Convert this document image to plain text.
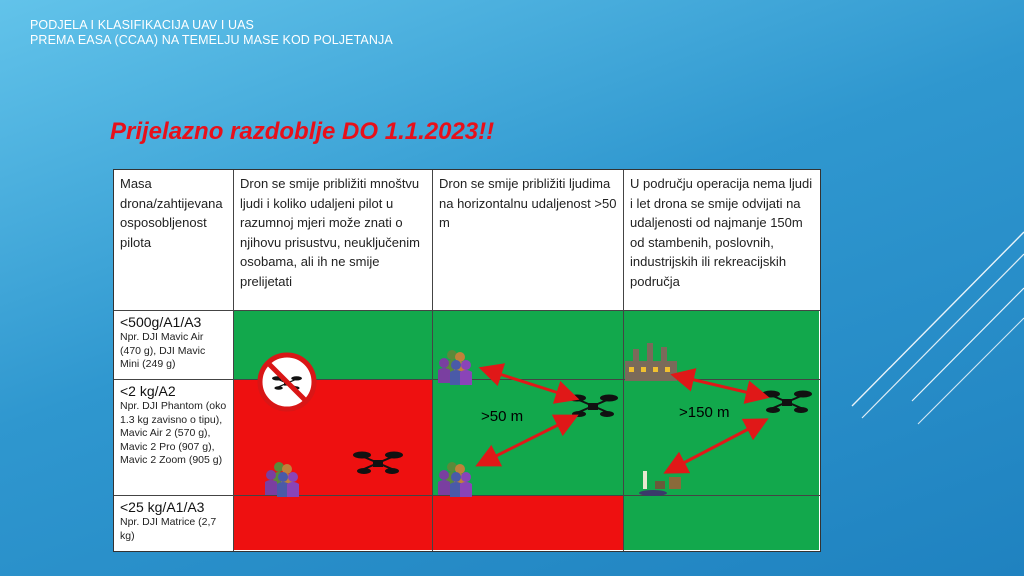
PODJELA I KLASIFIKACIJA UAV I UAS
PREMA EASA (CCAA) NA TEMELJU MASE KOD POLJETANJA
Prijelazno razdoblje DO 1.1.2023!!
Masa drona/zahtijevana osposobljenost pilota
Dron se smije približiti mnoštvu ljudi i koliko udaljeni pilot u razumnoj mjeri može znati o njihovu prisustvu, neuključenim osobama, ali ih ne smije prelijetati
Dron se smije približiti ljudima na horizontalnu udaljenost >50 m
U području operacija nema ljudi i let drona se smije odvijati na udaljenosti od najmanje 150m od stambenih, poslovnih, industrijskih ili rekreacijskih područja
<500g/A1/A3
Npr. DJI Mavic Air (470 g), DJI Mavic Mini (249 g)
<2 kg/A2
Npr. DJI Phantom (oko 1.3 kg zavisno o tipu), Mavic Air 2 (570 g), Mavic 2 Pro (907 g), Mavic 2 Zoom (905 g)
<25 kg/A1/A3
Npr. DJI Matrice (2,7 kg)
>50 m	>150 m
